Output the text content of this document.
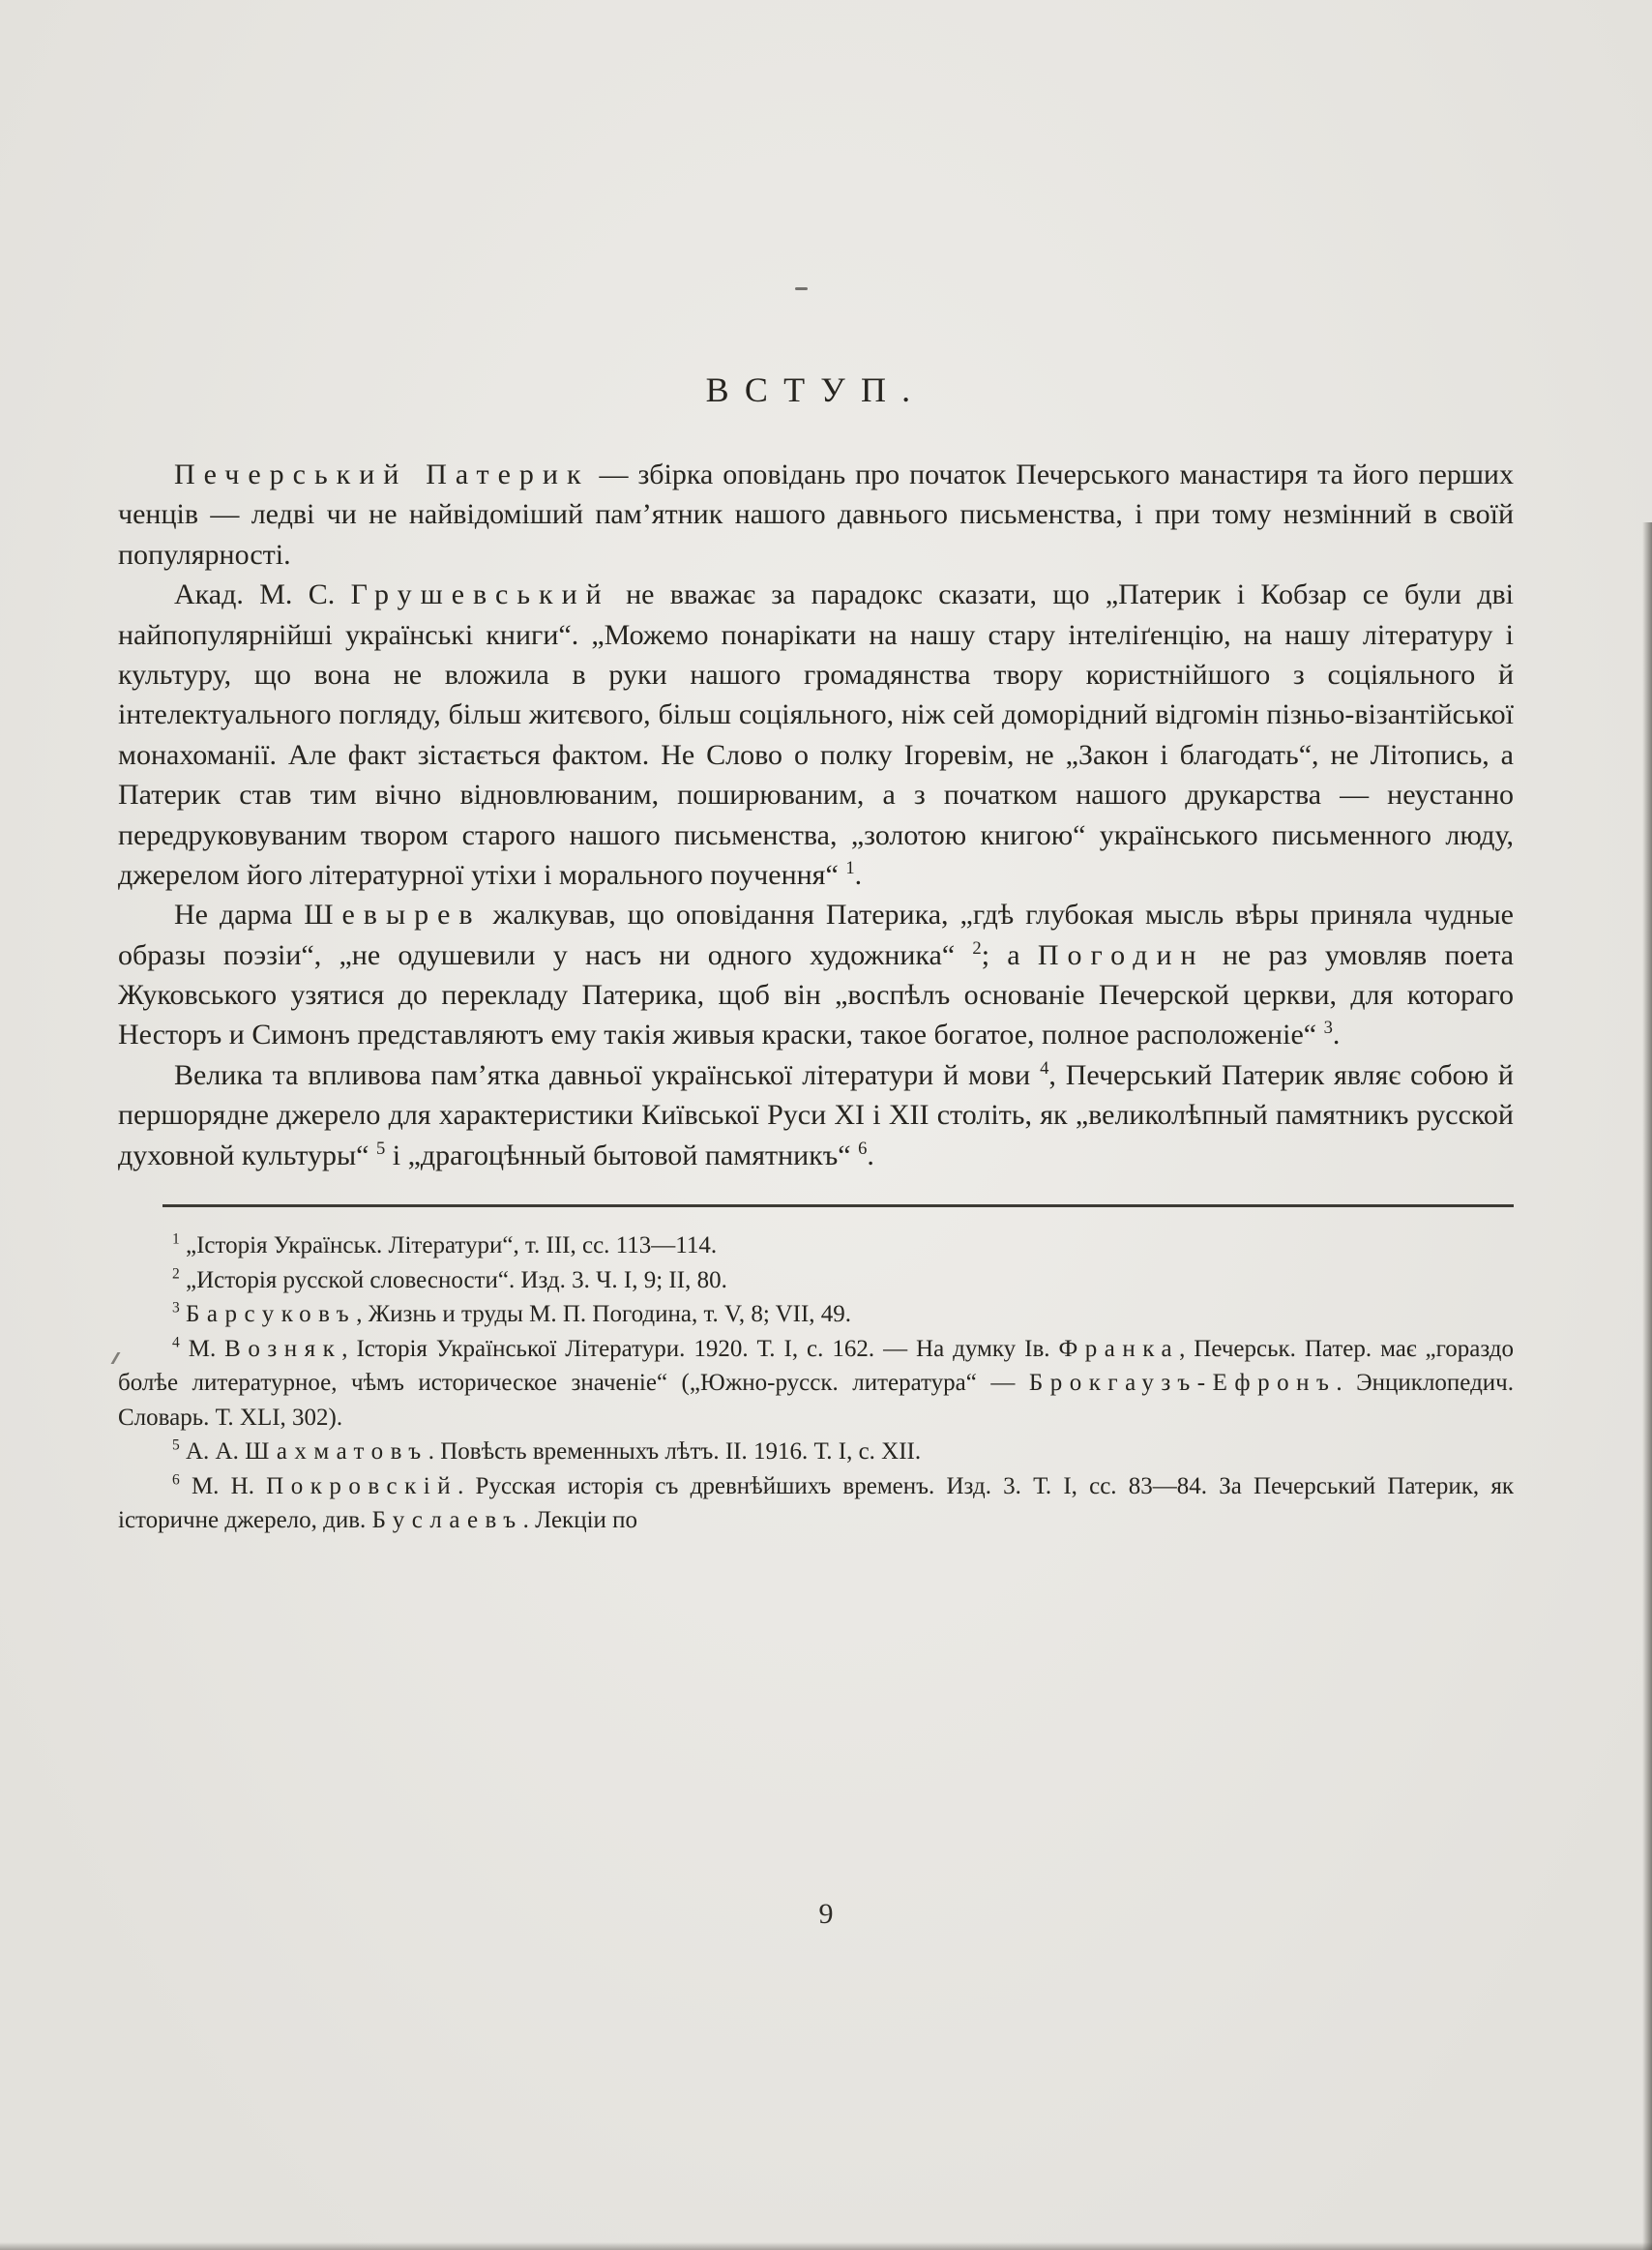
ВСТУП.

Печерський Патерик — збірка оповідань про початок Печерського манастиря та його перших ченців — ледві чи не найвідоміший пам’ятник нашого давнього письменства, і при тому незмінний в своїй популярності.

Акад. М. С. Грушевський не вважає за парадокс сказати, що „Патерик і Кобзар се були дві найпопулярнійші українські книги“. „Можемо понарікати на нашу стару інтеліґенцію, на нашу літературу і культуру, що вона не вложила в руки нашого громадянства твору користнійшого з соціяльного й інтелектуального погляду, більш житєвого, більш соціяльного, ніж сей доморідний відгомін пізньо-візантійської монахоманії. Але факт зістається фактом. Не Слово о полку Ігоревім, не „Закон і благодать“, не Літопись, а Патерик став тим вічно відновлюваним, поширюваним, а з початком нашого друкарства — неустанно передруковуваним твором старого нашого письменства, „золотою книгою“ українського письменного люду, джерелом його літературної утіхи і морального поучення“ $^1$.

Не дарма Шевырев жалкував, що оповідання Патерика, „гдѣ глубокая мысль вѣры приняла чудные образы поэзіи“, „не одушевили у насъ ни одного художника“ $^2$; а Погодин не раз умовляв поета Жуковського узятися до перекладу Патерика, щоб він „воспѣлъ основаніе Печерской церкви, для котораго Несторъ и Симонъ представляютъ ему такія живыя краски, такое богатое, полное расположеніе“ $^3$.

Велика та впливова пам’ятка давньої української літератури й мови $^4$, Печерський Патерик являє собою й першорядне джерело для характеристики Київської Руси XI і XII століть, як „великолѣпный памятникъ русской духовной культуры“ $^5$ і „драгоцѣнный бытовой памятникъ“ $^6$.

$^1$ „Історія Українськ. Літератури“, т. III, сс. 113—114.

$^2$ „Исторія русской словесности“. Изд. 3. Ч. I, 9; II, 80.

$^3$ Барсуковъ, Жизнь и труды М. П. Погодина, т. V, 8; VII, 49.

$^4$ М. Возняк, Історія Української Літератури. 1920. Т. I, с. 162. — На думку Ів. Франка, Печерськ. Патер. має „гораздо болѣе литературное, чѣмъ историческое значеніе“ („Южно-русск. литература“ — Брокгаузъ-Ефронъ. Энциклопедич. Словарь. Т. XLI, 302).

$^5$ А. А. Шахматовъ. Повѣсть временныхъ лѣтъ. II. 1916. Т. I, с. XII.

$^6$ М. Н. Покровскій. Русская исторія съ древнѣйшихъ временъ. Изд. 3. Т. I, сс. 83—84. За Печерський Патерик, як історичне джерело, див. Буслаевъ. Лекціи по

9
